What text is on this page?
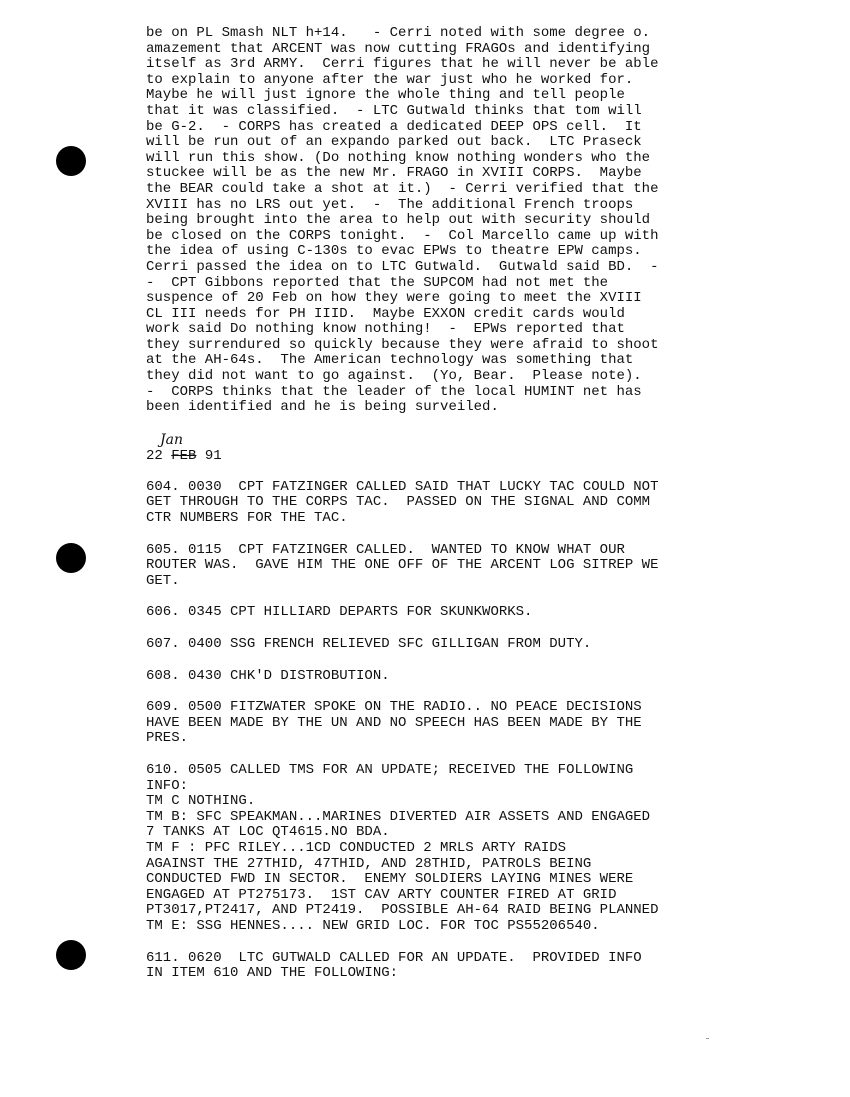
be on PL Smash NLT h+14.   - Cerri noted with some degree o.
amazement that ARCENT was now cutting FRAGOs and identifying
itself as 3rd ARMY.  Cerri figures that he will never be able
to explain to anyone after the war just who he worked for.
Maybe he will just ignore the whole thing and tell people
that it was classified.  - LTC Gutwald thinks that tom will
be G-2.  - CORPS has created a dedicated DEEP OPS cell.  It
will be run out of an expando parked out back.  LTC Praseck
will run this show. (Do nothing know nothing wonders who the
stuckee will be as the new Mr. FRAGO in XVIII CORPS.  Maybe
the BEAR could take a shot at it.)  - Cerri verified that the
XVIII has no LRS out yet.  -  The additional French troops
being brought into the area to help out with security should
be closed on the CORPS tonight.  -  Col Marcello came up with
the idea of using C-130s to evac EPWs to theatre EPW camps.
Cerri passed the idea on to LTC Gutwald.  Gutwald said BD.  -
-  CPT Gibbons reported that the SUPCOM had not met the
suspence of 20 Feb on how they were going to meet the XVIII
CL III needs for PH IIID.  Maybe EXXON credit cards would
work said Do nothing know nothing!  -  EPWs reported that
they surrendured so quickly because they were afraid to shoot
at the AH-64s.  The American technology was something that
they did not want to go against.  (Yo, Bear.  Please note).
-  CORPS thinks that the leader of the local HUMINT net has
been identified and he is being surveiled.
Jan
22 FEB 91
604. 0030  CPT FATZINGER CALLED SAID THAT LUCKY TAC COULD NOT
GET THROUGH TO THE CORPS TAC.  PASSED ON THE SIGNAL AND COMM
CTR NUMBERS FOR THE TAC.
605. 0115  CPT FATZINGER CALLED.  WANTED TO KNOW WHAT OUR
ROUTER WAS.  GAVE HIM THE ONE OFF OF THE ARCENT LOG SITREP WE
GET.
606. 0345 CPT HILLIARD DEPARTS FOR SKUNKWORKS.
607. 0400 SSG FRENCH RELIEVED SFC GILLIGAN FROM DUTY.
608. 0430 CHK'D DISTROBUTION.
609. 0500 FITZWATER SPOKE ON THE RADIO.. NO PEACE DECISIONS
HAVE BEEN MADE BY THE UN AND NO SPEECH HAS BEEN MADE BY THE
PRES.
610. 0505 CALLED TMS FOR AN UPDATE; RECEIVED THE FOLLOWING
INFO:
TM C NOTHING.
TM B: SFC SPEAKMAN...MARINES DIVERTED AIR ASSETS AND ENGAGED
7 TANKS AT LOC QT4615.NO BDA.
TM F : PFC RILEY...1CD CONDUCTED 2 MRLS ARTY RAIDS
AGAINST THE 27THID, 47THID, AND 28THID, PATROLS BEING
CONDUCTED FWD IN SECTOR.  ENEMY SOLDIERS LAYING MINES WERE
ENGAGED AT PT275173.  1ST CAV ARTY COUNTER FIRED AT GRID
PT3017,PT2417, AND PT2419.  POSSIBLE AH-64 RAID BEING PLANNED
TM E: SSG HENNES.... NEW GRID LOC. FOR TOC PS55206540.
611. 0620  LTC GUTWALD CALLED FOR AN UPDATE.  PROVIDED INFO
IN ITEM 610 AND THE FOLLOWING:
